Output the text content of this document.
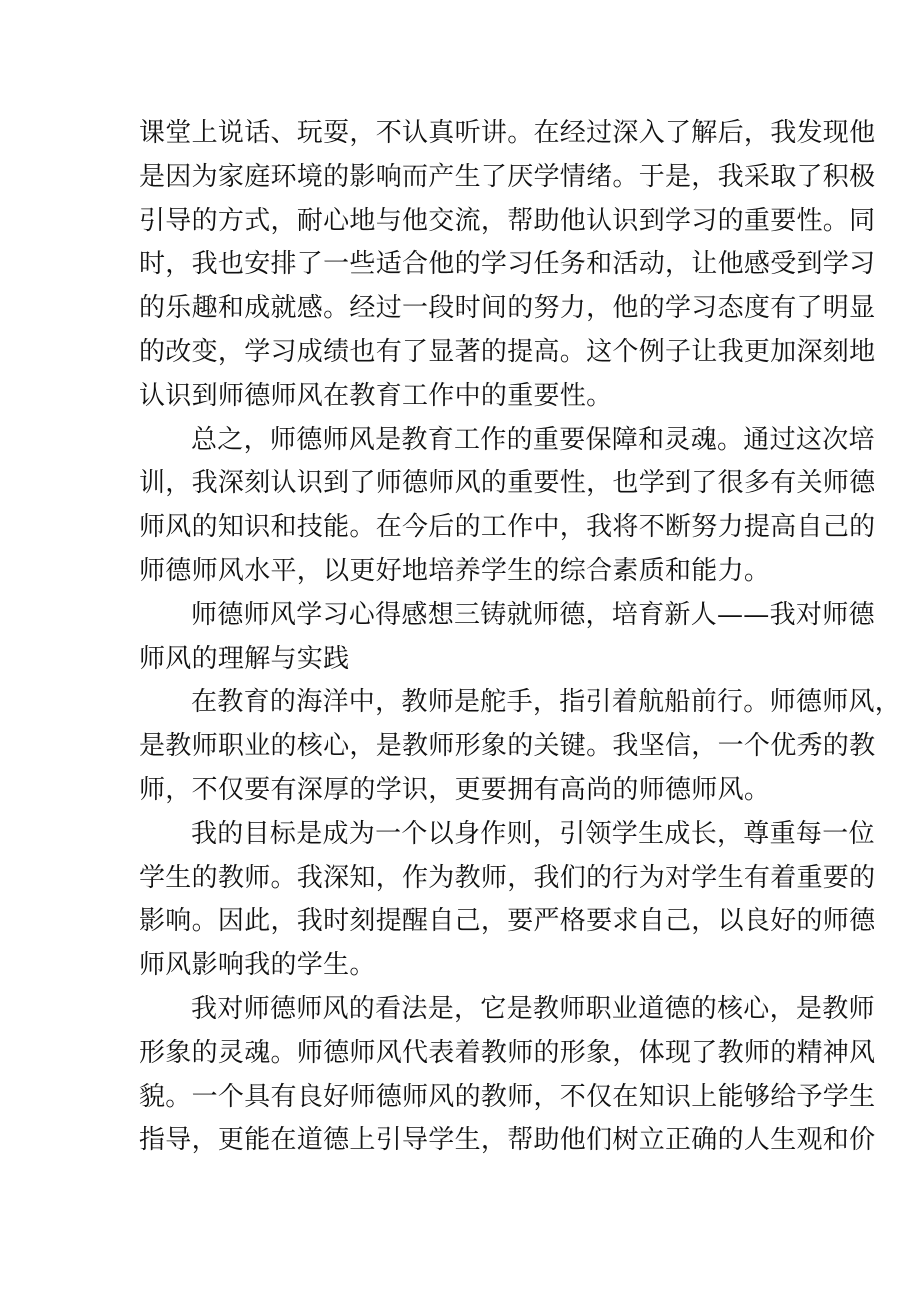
课堂上说话、玩耍，不认真听讲。在经过深入了解后，我发现他
是因为家庭环境的影响而产生了厌学情绪。于是，我采取了积极
引导的方式，耐心地与他交流，帮助他认识到学习的重要性。同
时，我也安排了一些适合他的学习任务和活动，让他感受到学习
的乐趣和成就感。经过一段时间的努力，他的学习态度有了明显
的改变，学习成绩也有了显著的提高。这个例子让我更加深刻地
认识到师德师风在教育工作中的重要性。

总之，师德师风是教育工作的重要保障和灵魂。通过这次培
训，我深刻认识到了师德师风的重要性，也学到了很多有关师德
师风的知识和技能。在今后的工作中，我将不断努力提高自己的
师德师风水平，以更好地培养学生的综合素质和能力。

师德师风学习心得感想三铸就师德，培育新人——我对师德
师风的理解与实践

在教育的海洋中，教师是舵手，指引着航船前行。师德师风，
是教师职业的核心，是教师形象的关键。我坚信，一个优秀的教
师，不仅要有深厚的学识，更要拥有高尚的师德师风。

我的目标是成为一个以身作则，引领学生成长，尊重每一位
学生的教师。我深知，作为教师，我们的行为对学生有着重要的
影响。因此，我时刻提醒自己，要严格要求自己，以良好的师德
师风影响我的学生。

我对师德师风的看法是，它是教师职业道德的核心，是教师
形象的灵魂。师德师风代表着教师的形象，体现了教师的精神风
貌。一个具有良好师德师风的教师，不仅在知识上能够给予学生
指导，更能在道德上引导学生，帮助他们树立正确的人生观和价
